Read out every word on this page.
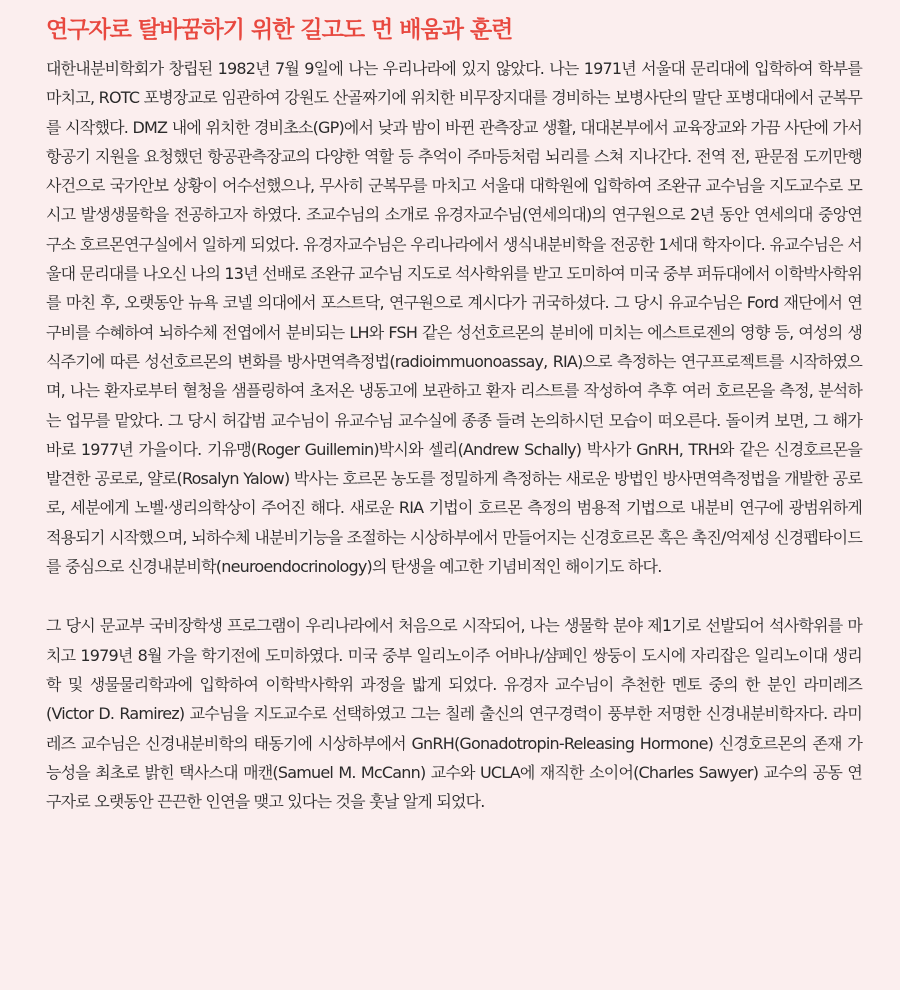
연구자로 탈바꿈하기 위한 길고도 먼 배움과 훈련

대한내분비학회가 창립된 1982년 7월 9일에 나는 우리나라에 있지 않았다. 나는 1971년 서울대 문리대에 입학하여 학부를 마치고, ROTC 포병장교로 임관하여 강원도 산골짜기에 위치한 비무장지대를 경비하는 보병사단의 말단 포병대대에서 군복무를 시작했다. DMZ 내에 위치한 경비초소(GP)에서 낮과 밤이 바뀐 관측장교 생활, 대대본부에서 교육장교와 가끔 사단에 가서 항공기 지원을 요청했던 항공관측장교의 다양한 역할 등 추억이 주마등처럼 뇌리를 스쳐 지나간다. 전역 전, 판문점 도끼만행사건으로 국가안보 상황이 어수선했으나, 무사히 군복무를 마치고 서울대 대학원에 입학하여 조완규 교수님을 지도교수로 모시고 발생생물학을 전공하고자 하였다. 조교수님의 소개로 유경자교수님(연세의대)의 연구원으로 2년 동안 연세의대 중앙연구소 호르몬연구실에서 일하게 되었다. 유경자교수님은 우리나라에서 생식내분비학을 전공한 1세대 학자이다. 유교수님은 서울대 문리대를 나오신 나의 13년 선배로 조완규 교수님 지도로 석사학위를 받고 도미하여 미국 중부 퍼듀대에서 이학박사학위를 마친 후, 오랫동안 뉴욕 코넬 의대에서 포스트닥, 연구원으로 계시다가 귀국하셨다. 그 당시 유교수님은 Ford 재단에서 연구비를 수혜하여 뇌하수체 전엽에서 분비되는 LH와 FSH 같은 성선호르몬의 분비에 미치는 에스트로젠의 영향 등, 여성의 생식주기에 따른 성선호르몬의 변화를 방사면역측정법(radioimmuonoassay, RIA)으로 측정하는 연구프로젝트를 시작하였으며, 나는 환자로부터 혈청을 샘플링하여 초저온 냉동고에 보관하고 환자 리스트를 작성하여 추후 여러 호르몬을 측정, 분석하는 업무를 맡았다. 그 당시 허갑범 교수님이 유교수님 교수실에 종종 들려 논의하시던 모습이 떠오른다. 돌이켜 보면, 그 해가 바로 1977년 가을이다. 기유맹(Roger Guillemin)박시와 셀리(Andrew Schally) 박사가 GnRH, TRH와 같은 신경호르몬을 발견한 공로로, 얄로(Rosalyn Yalow) 박사는 호르몬 농도를 정밀하게 측정하는 새로운 방법인 방사면역측정법을 개발한 공로로, 세분에게 노벨·생리의학상이 주어진 해다. 새로운 RIA 기법이 호르몬 측정의 범용적 기법으로 내분비 연구에 광범위하게 적용되기 시작했으며, 뇌하수체 내분비기능을 조절하는 시상하부에서 만들어지는 신경호르몬 혹은 촉진/억제성 신경펩타이드를 중심으로 신경내분비학(neuroendocrinology)의 탄생을 예고한 기념비적인 해이기도 하다.

그 당시 문교부 국비장학생 프로그램이 우리나라에서 처음으로 시작되어, 나는 생물학 분야 제1기로 선발되어 석사학위를 마치고 1979년 8월 가을 학기전에 도미하였다. 미국 중부 일리노이주 어바나/샴페인 쌍둥이 도시에 자리잡은 일리노이대 생리학 및 생물물리학과에 입학하여 이학박사학위 과정을 밟게 되었다. 유경자 교수님이 추천한 멘토 중의 한 분인 라미레즈(Victor D. Ramirez) 교수님을 지도교수로 선택하였고 그는 칠레 출신의 연구경력이 풍부한 저명한 신경내분비학자다. 라미레즈 교수님은 신경내분비학의 태동기에 시상하부에서 GnRH(Gonadotropin-Releasing Hormone) 신경호르몬의 존재 가능성을 최초로 밝힌 택사스대 매캔(Samuel M. McCann) 교수와 UCLA에 재직한 소이어(Charles Sawyer) 교수의 공동 연구자로 오랫동안 끈끈한 인연을 맺고 있다는 것을 훗날 알게 되었다.
